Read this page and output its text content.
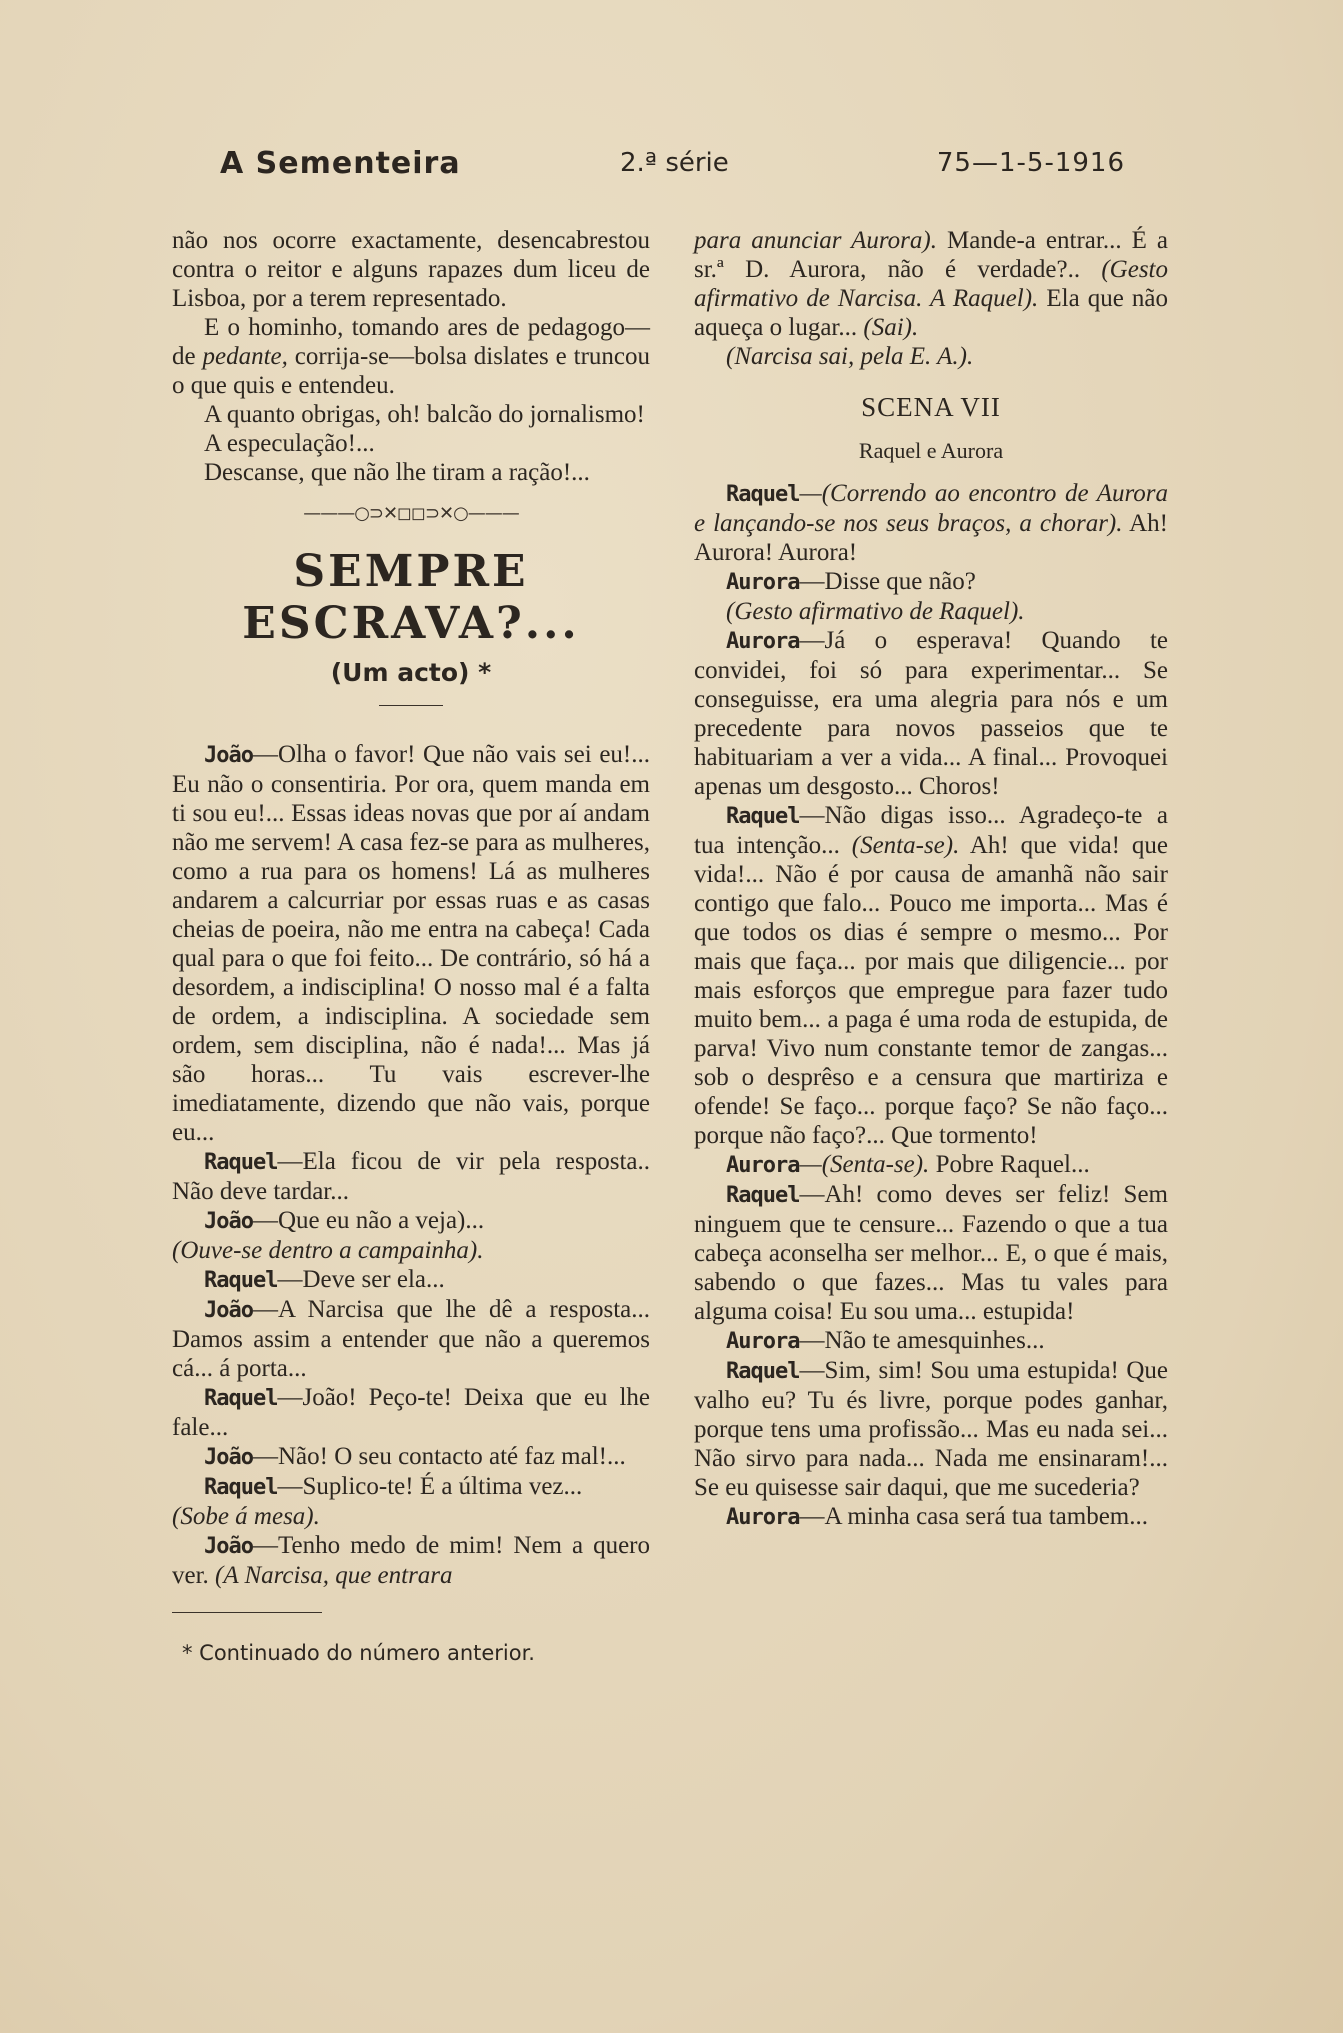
A Sementeira	2.ª série	75—1-5-1916

não nos ocorre exactamente, desencabrestou contra o reitor e alguns rapazes dum liceu de Lisboa, por a terem representado.

E o hominho, tomando ares de pedagogo—de pedante, corrija-se—bolsa dislates e truncou o que quis e entendeu.

A quanto obrigas, oh! balcão do jornalismo!

A especulação!...

Descanse, que não lhe tiram a ração!...

———○⊃✕◻◻⊃✕○———
SEMPRE ESCRAVA?...
(Um acto) *

João—Olha o favor! Que não vais sei eu!... Eu não o consentiria. Por ora, quem manda em ti sou eu!... Essas ideas novas que por aí andam não me servem! A casa fez-se para as mulheres, como a rua para os homens! Lá as mulheres andarem a calcurriar por essas ruas e as casas cheias de poeira, não me entra na cabeça! Cada qual para o que foi feito... De contrário, só há a desordem, a indisciplina! O nosso mal é a falta de ordem, a indisciplina. A sociedade sem ordem, sem disciplina, não é nada!... Mas já são horas... Tu vais escrever-lhe imediatamente, dizendo que não vais, porque eu...

Raquel—Ela ficou de vir pela resposta.. Não deve tardar...

João—Que eu não a veja)...

(Ouve-se dentro a campainha).

Raquel—Deve ser ela...

João—A Narcisa que lhe dê a resposta... Damos assim a entender que não a queremos cá... á porta...

Raquel—João! Peço-te! Deixa que eu lhe fale...

João—Não! O seu contacto até faz mal!...

Raquel—Suplico-te! É a última vez...

(Sobe á mesa).

João—Tenho medo de mim! Nem a quero ver. (A Narcisa, que entrara

* Continuado do número anterior.

para anunciar Aurora). Mande-a entrar... É a sr.ª D. Aurora, não é verdade?.. (Gesto afirmativo de Narcisa. A Raquel). Ela que não aqueça o lugar... (Sai).

(Narcisa sai, pela E. A.).

SCENA VII
Raquel e Aurora

Raquel—(Correndo ao encontro de Aurora e lançando-se nos seus braços, a chorar). Ah! Aurora! Aurora!

Aurora—Disse que não?

(Gesto afirmativo de Raquel).

Aurora—Já o esperava! Quando te convidei, foi só para experimentar... Se conseguisse, era uma alegria para nós e um precedente para novos passeios que te habituariam a ver a vida... A final... Provoquei apenas um desgosto... Choros!

Raquel—Não digas isso... Agradeço-te a tua intenção... (Senta-se). Ah! que vida! que vida!... Não é por causa de amanhã não sair contigo que falo... Pouco me importa... Mas é que todos os dias é sempre o mesmo... Por mais que faça... por mais que diligencie... por mais esforços que empregue para fazer tudo muito bem... a paga é uma roda de estupida, de parva! Vivo num constante temor de zangas... sob o desprêso e a censura que martiriza e ofende! Se faço... porque faço? Se não faço... porque não faço?... Que tormento!

Aurora—(Senta-se). Pobre Raquel...

Raquel—Ah! como deves ser feliz! Sem ninguem que te censure... Fazendo o que a tua cabeça aconselha ser melhor... E, o que é mais, sabendo o que fazes... Mas tu vales para alguma coisa! Eu sou uma... estupida!

Aurora—Não te amesquinhes...

Raquel—Sim, sim! Sou uma estupida! Que valho eu? Tu és livre, porque podes ganhar, porque tens uma profissão... Mas eu nada sei... Não sirvo para nada... Nada me ensinaram!... Se eu quisesse sair daqui, que me sucederia?

Aurora—A minha casa será tua tambem...
